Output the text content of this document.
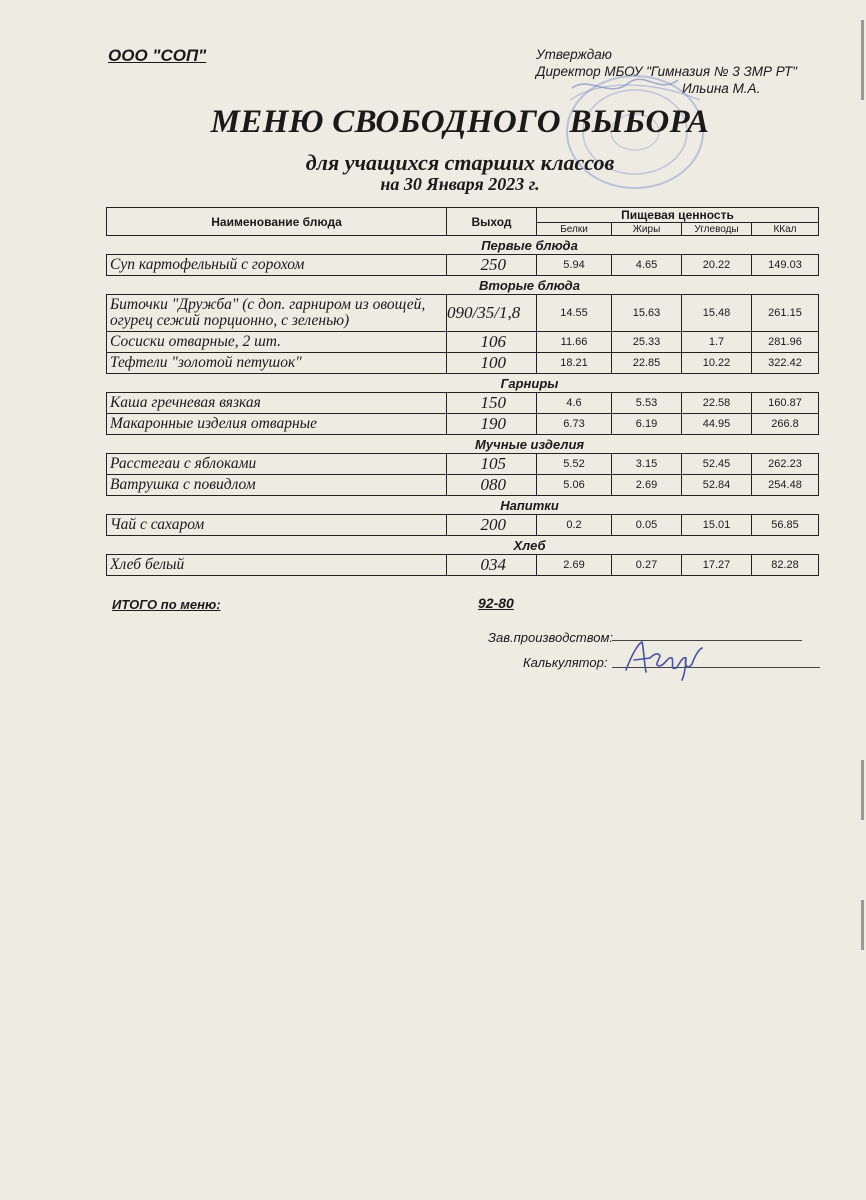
ООО "СОП"	Утверждаю
Директор МБОУ "Гимназия № 3 ЗМР РТ"
Ильина М.А.
МЕНЮ СВОБОДНОГО ВЫБОРА
для учащихся старших классов
на 30 Января 2023 г.
Наименование блюда	Выход	Пищевая ценность			
		Белки	Жиры	Углеводы	ККал
	Первые блюда				
Суп картофельный с горохом	250	5.94	4.65	20.22	149.03
	Вторые блюда				
Биточки "Дружба" (с доп. гарниром из овощей, огурец сежий порционно, с зеленью)	090/35/1,8	14.55	15.63	15.48	261.15
Сосиски отварные, 2 шт.	106	11.66	25.33	1.7	281.96
Тефтели "золотой петушок"	100	18.21	22.85	10.22	322.42
	Гарниры				
Каша гречневая вязкая	150	4.6	5.53	22.58	160.87
Макаронные изделия отварные	190	6.73	6.19	44.95	266.8
	Мучные изделия				
Расстегаи с яблоками	105	5.52	3.15	52.45	262.23
Ватрушка с повидлом	080	5.06	2.69	52.84	254.48
	Напитки				
Чай с сахаром	200	0.2	0.05	15.01	56.85
	Хлеб				
Хлеб белый	034	2.69	0.27	17.27	82.28
ИТОГО по меню:	92-80
Зав.производством:
Калькулятор:
